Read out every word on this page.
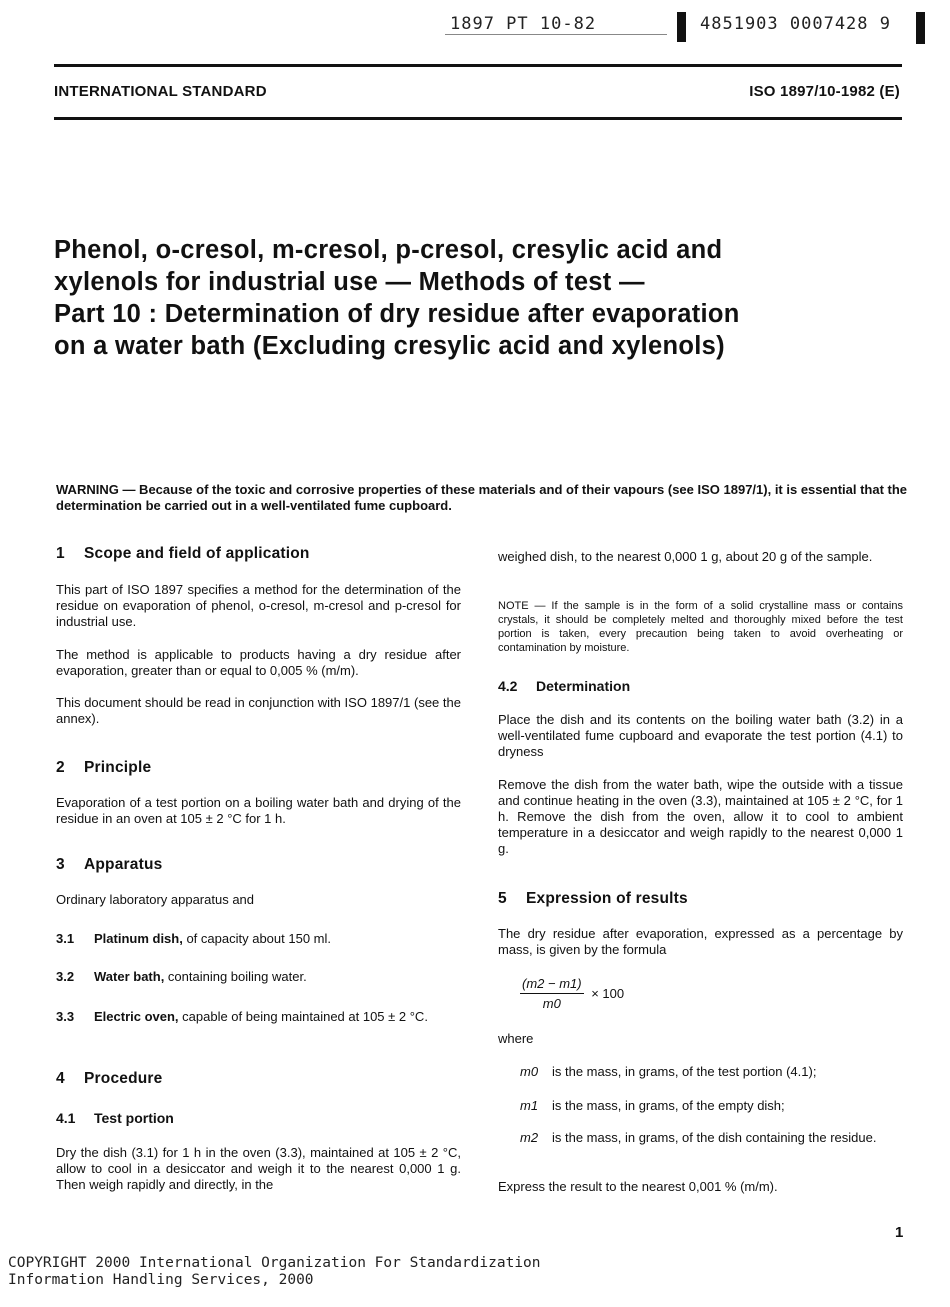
1897 PT 10-82	4851903 0007428 9
INTERNATIONAL STANDARD	ISO 1897/10-1982 (E)
Phenol, o-cresol, m-cresol, p-cresol, cresylic acid and
xylenols for industrial use — Methods of test —
Part 10 : Determination of dry residue after evaporation
on a water bath (Excluding cresylic acid and xylenols)
WARNING — Because of the toxic and corrosive properties of these materials and of their vapours (see ISO 1897/1), it is essential that the determination be carried out in a well-ventilated fume cupboard.
1 Scope and field of application
This part of ISO 1897 specifies a method for the determination of the residue on evaporation of phenol, o-cresol, m-cresol and p-cresol for industrial use.
The method is applicable to products having a dry residue after evaporation, greater than or equal to 0,005 % (m/m).
This document should be read in conjunction with ISO 1897/1 (see the annex).
2 Principle
Evaporation of a test portion on a boiling water bath and drying of the residue in an oven at 105 ± 2 °C for 1 h.
3 Apparatus
Ordinary laboratory apparatus and
3.1 Platinum dish, of capacity about 150 ml.
3.2 Water bath, containing boiling water.
3.3 Electric oven, capable of being maintained at 105 ± 2 °C.
4 Procedure
4.1 Test portion
Dry the dish (3.1) for 1 h in the oven (3.3), maintained at 105 ± 2 °C, allow to cool in a desiccator and weigh it to the nearest 0,000 1 g. Then weigh rapidly and directly, in the
weighed dish, to the nearest 0,000 1 g, about 20 g of the sample.
NOTE — If the sample is in the form of a solid crystalline mass or contains crystals, it should be completely melted and thoroughly mixed before the test portion is taken, every precaution being taken to avoid overheating or contamination by moisture.
4.2 Determination
Place the dish and its contents on the boiling water bath (3.2) in a well-ventilated fume cupboard and evaporate the test portion (4.1) to dryness
Remove the dish from the water bath, wipe the outside with a tissue and continue heating in the oven (3.3), maintained at 105 ± 2 °C, for 1 h. Remove the dish from the oven, allow it to cool to ambient temperature in a desiccator and weigh rapidly to the nearest 0,000 1 g.
5 Expression of results
The dry residue after evaporation, expressed as a percentage by mass, is given by the formula
$\frac{(m2 - m1)}{m0} \times 100$
where
m0 is the mass, in grams, of the test portion (4.1);
m1 is the mass, in grams, of the empty dish;
m2 is the mass, in grams, of the dish containing the residue.
Express the result to the nearest 0,001 % (m/m).
1
COPYRIGHT 2000 International Organization For Standardization
Information Handling Services, 2000
